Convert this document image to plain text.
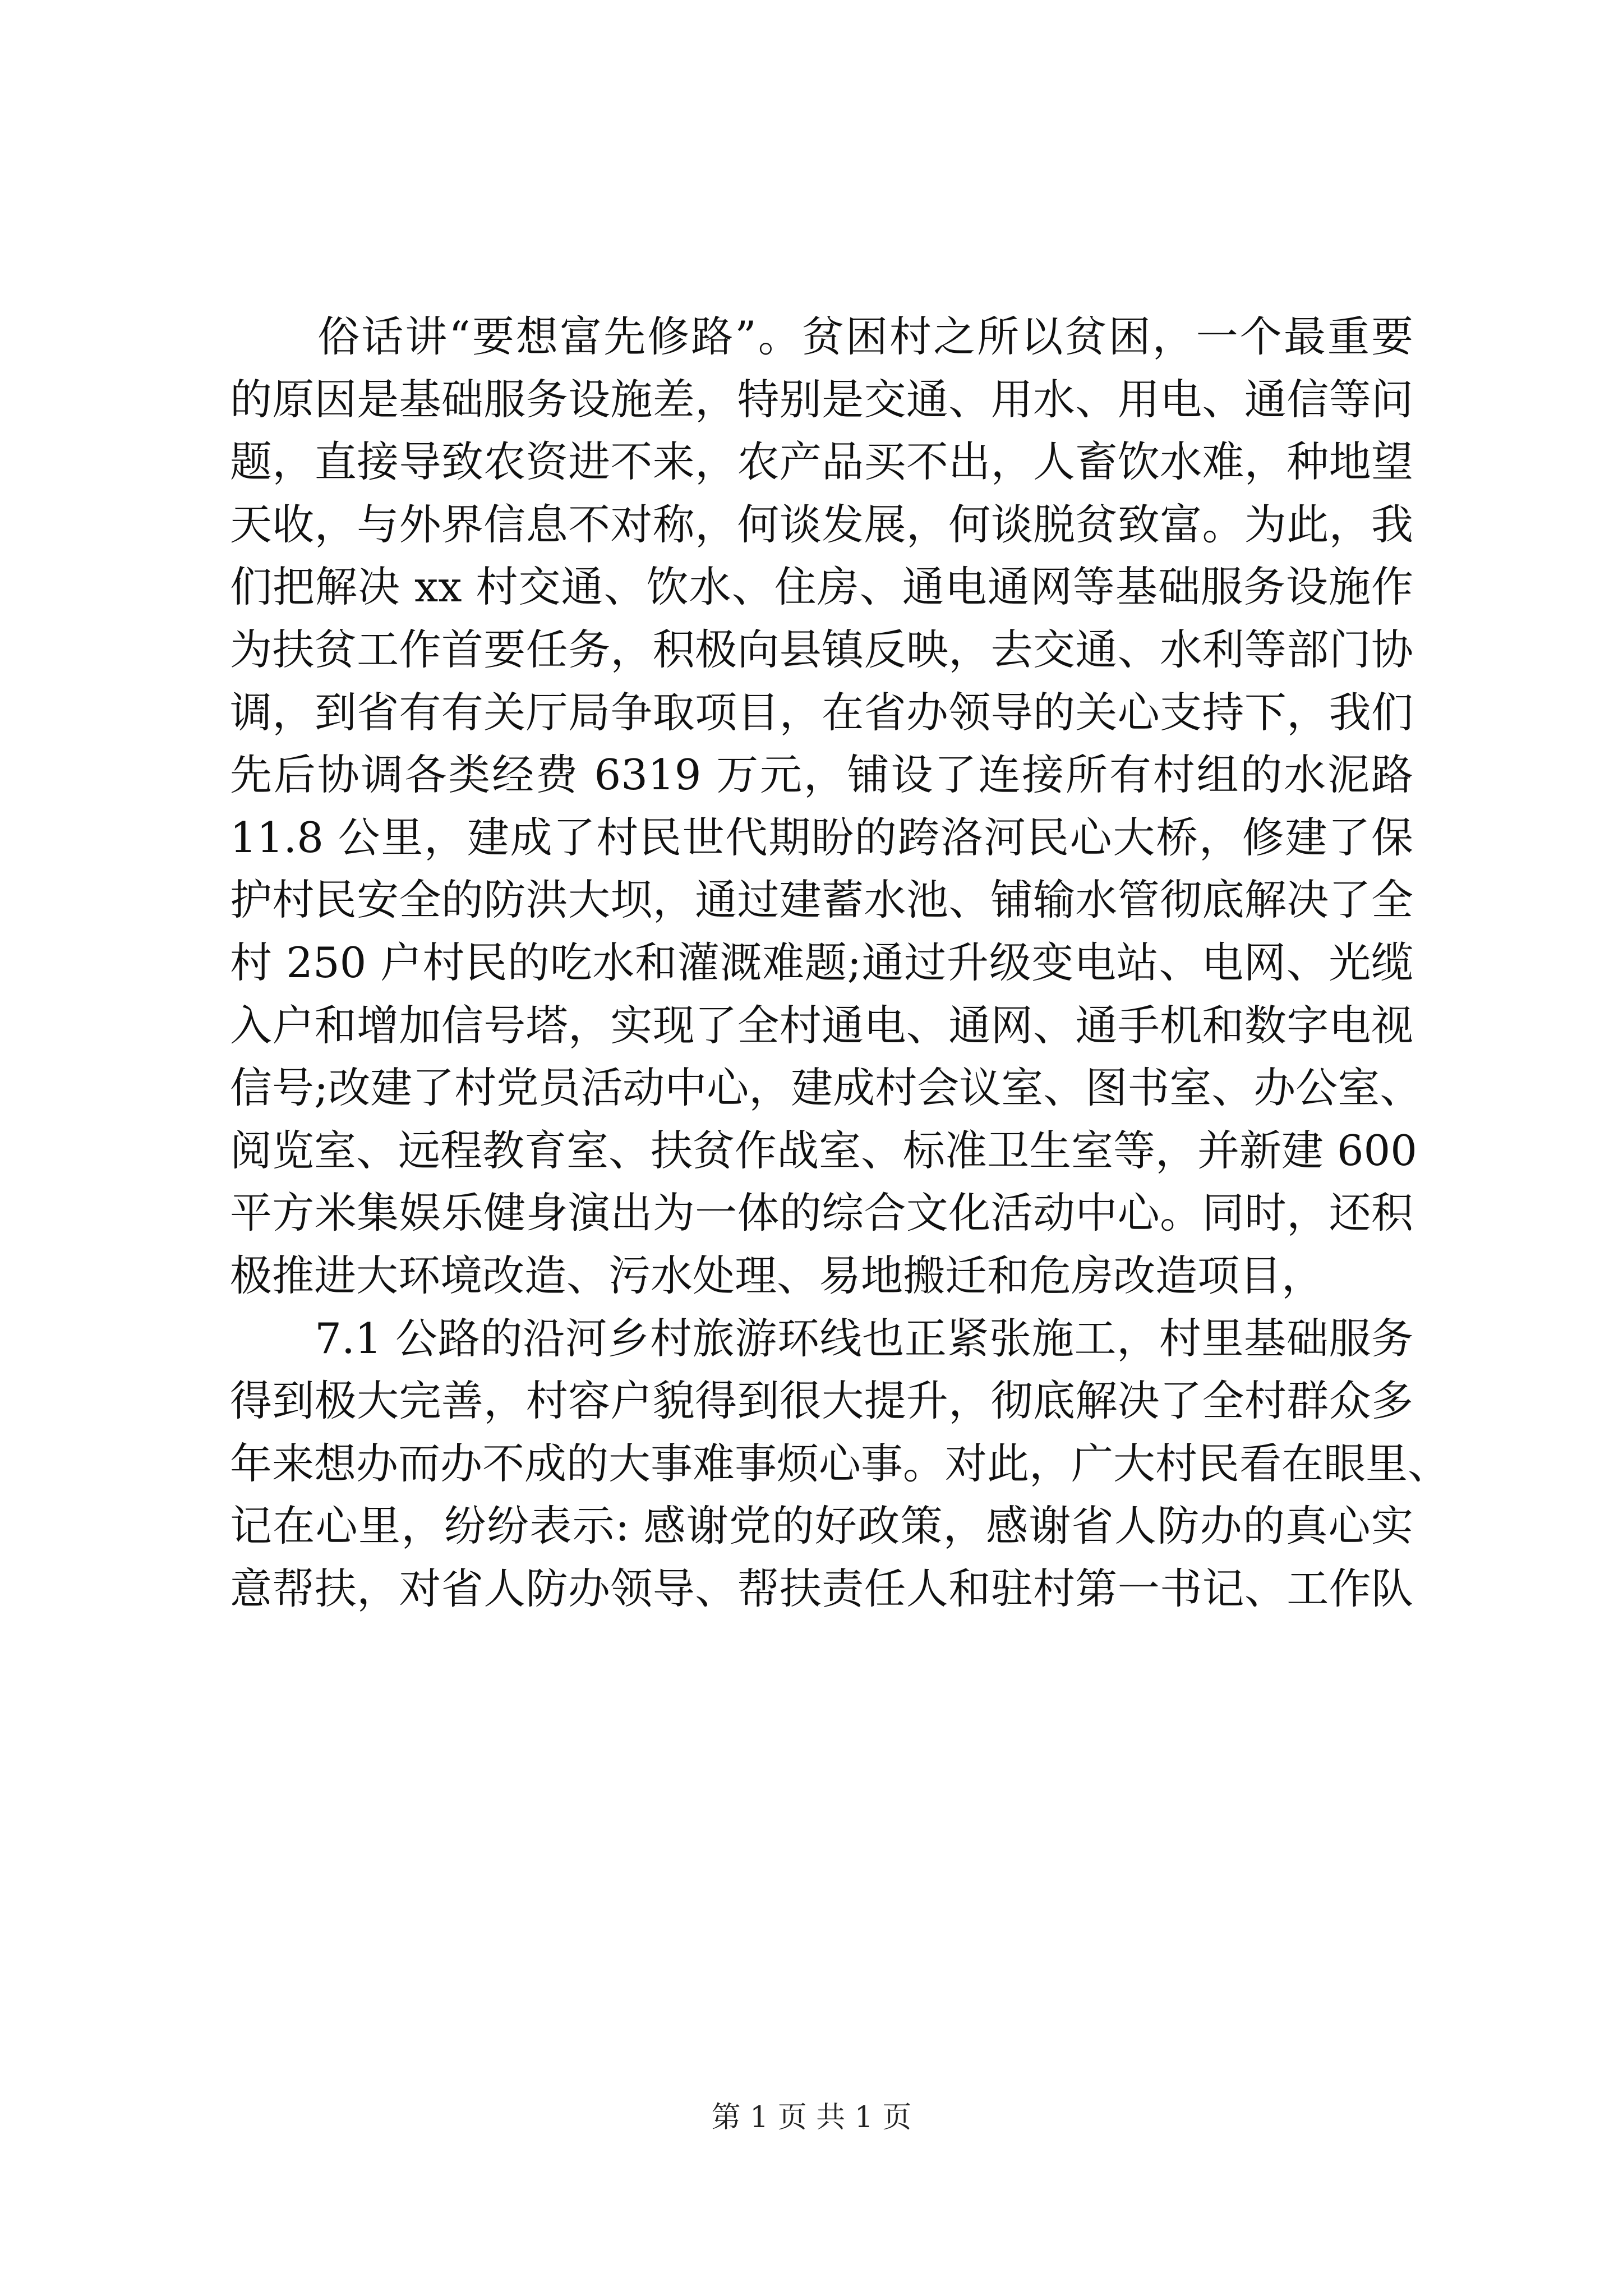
　　俗话讲“要想富先修路”。贫困村之所以贫困，一个最重要
的原因是基础服务设施差，特别是交通、用水、用电、通信等问
题，直接导致农资进不来，农产品买不出，人畜饮水难，种地望
天收，与外界信息不对称，何谈发展，何谈脱贫致富。为此，我
们把解决 xx 村交通、饮水、住房、通电通网等基础服务设施作
为扶贫工作首要任务，积极向县镇反映，去交通、水利等部门协
调，到省有有关厅局争取项目，在省办领导的关心支持下，我们
先后协调各类经费 6319 万元，铺设了连接所有村组的水泥路
11.8 公里，建成了村民世代期盼的跨洛河民心大桥，修建了保
护村民安全的防洪大坝，通过建蓄水池、铺输水管彻底解决了全
村 250 户村民的吃水和灌溉难题;通过升级变电站、电网、光缆
入户和增加信号塔，实现了全村通电、通网、通手机和数字电视
信号;改建了村党员活动中心，建成村会议室、图书室、办公室、
阅览室、远程教育室、扶贫作战室、标准卫生室等，并新建 600
平方米集娱乐健身演出为一体的综合文化活动中心。同时，还积
极推进大环境改造、污水处理、易地搬迁和危房改造项目，
　　7.1 公路的沿河乡村旅游环线也正紧张施工，村里基础服务
得到极大完善，村容户貌得到很大提升，彻底解决了全村群众多
年来想办而办不成的大事难事烦心事。对此，广大村民看在眼里、
记在心里，纷纷表示: 感谢党的好政策，感谢省人防办的真心实
意帮扶，对省人防办领导、帮扶责任人和驻村第一书记、工作队
第 1 页 共 1 页
